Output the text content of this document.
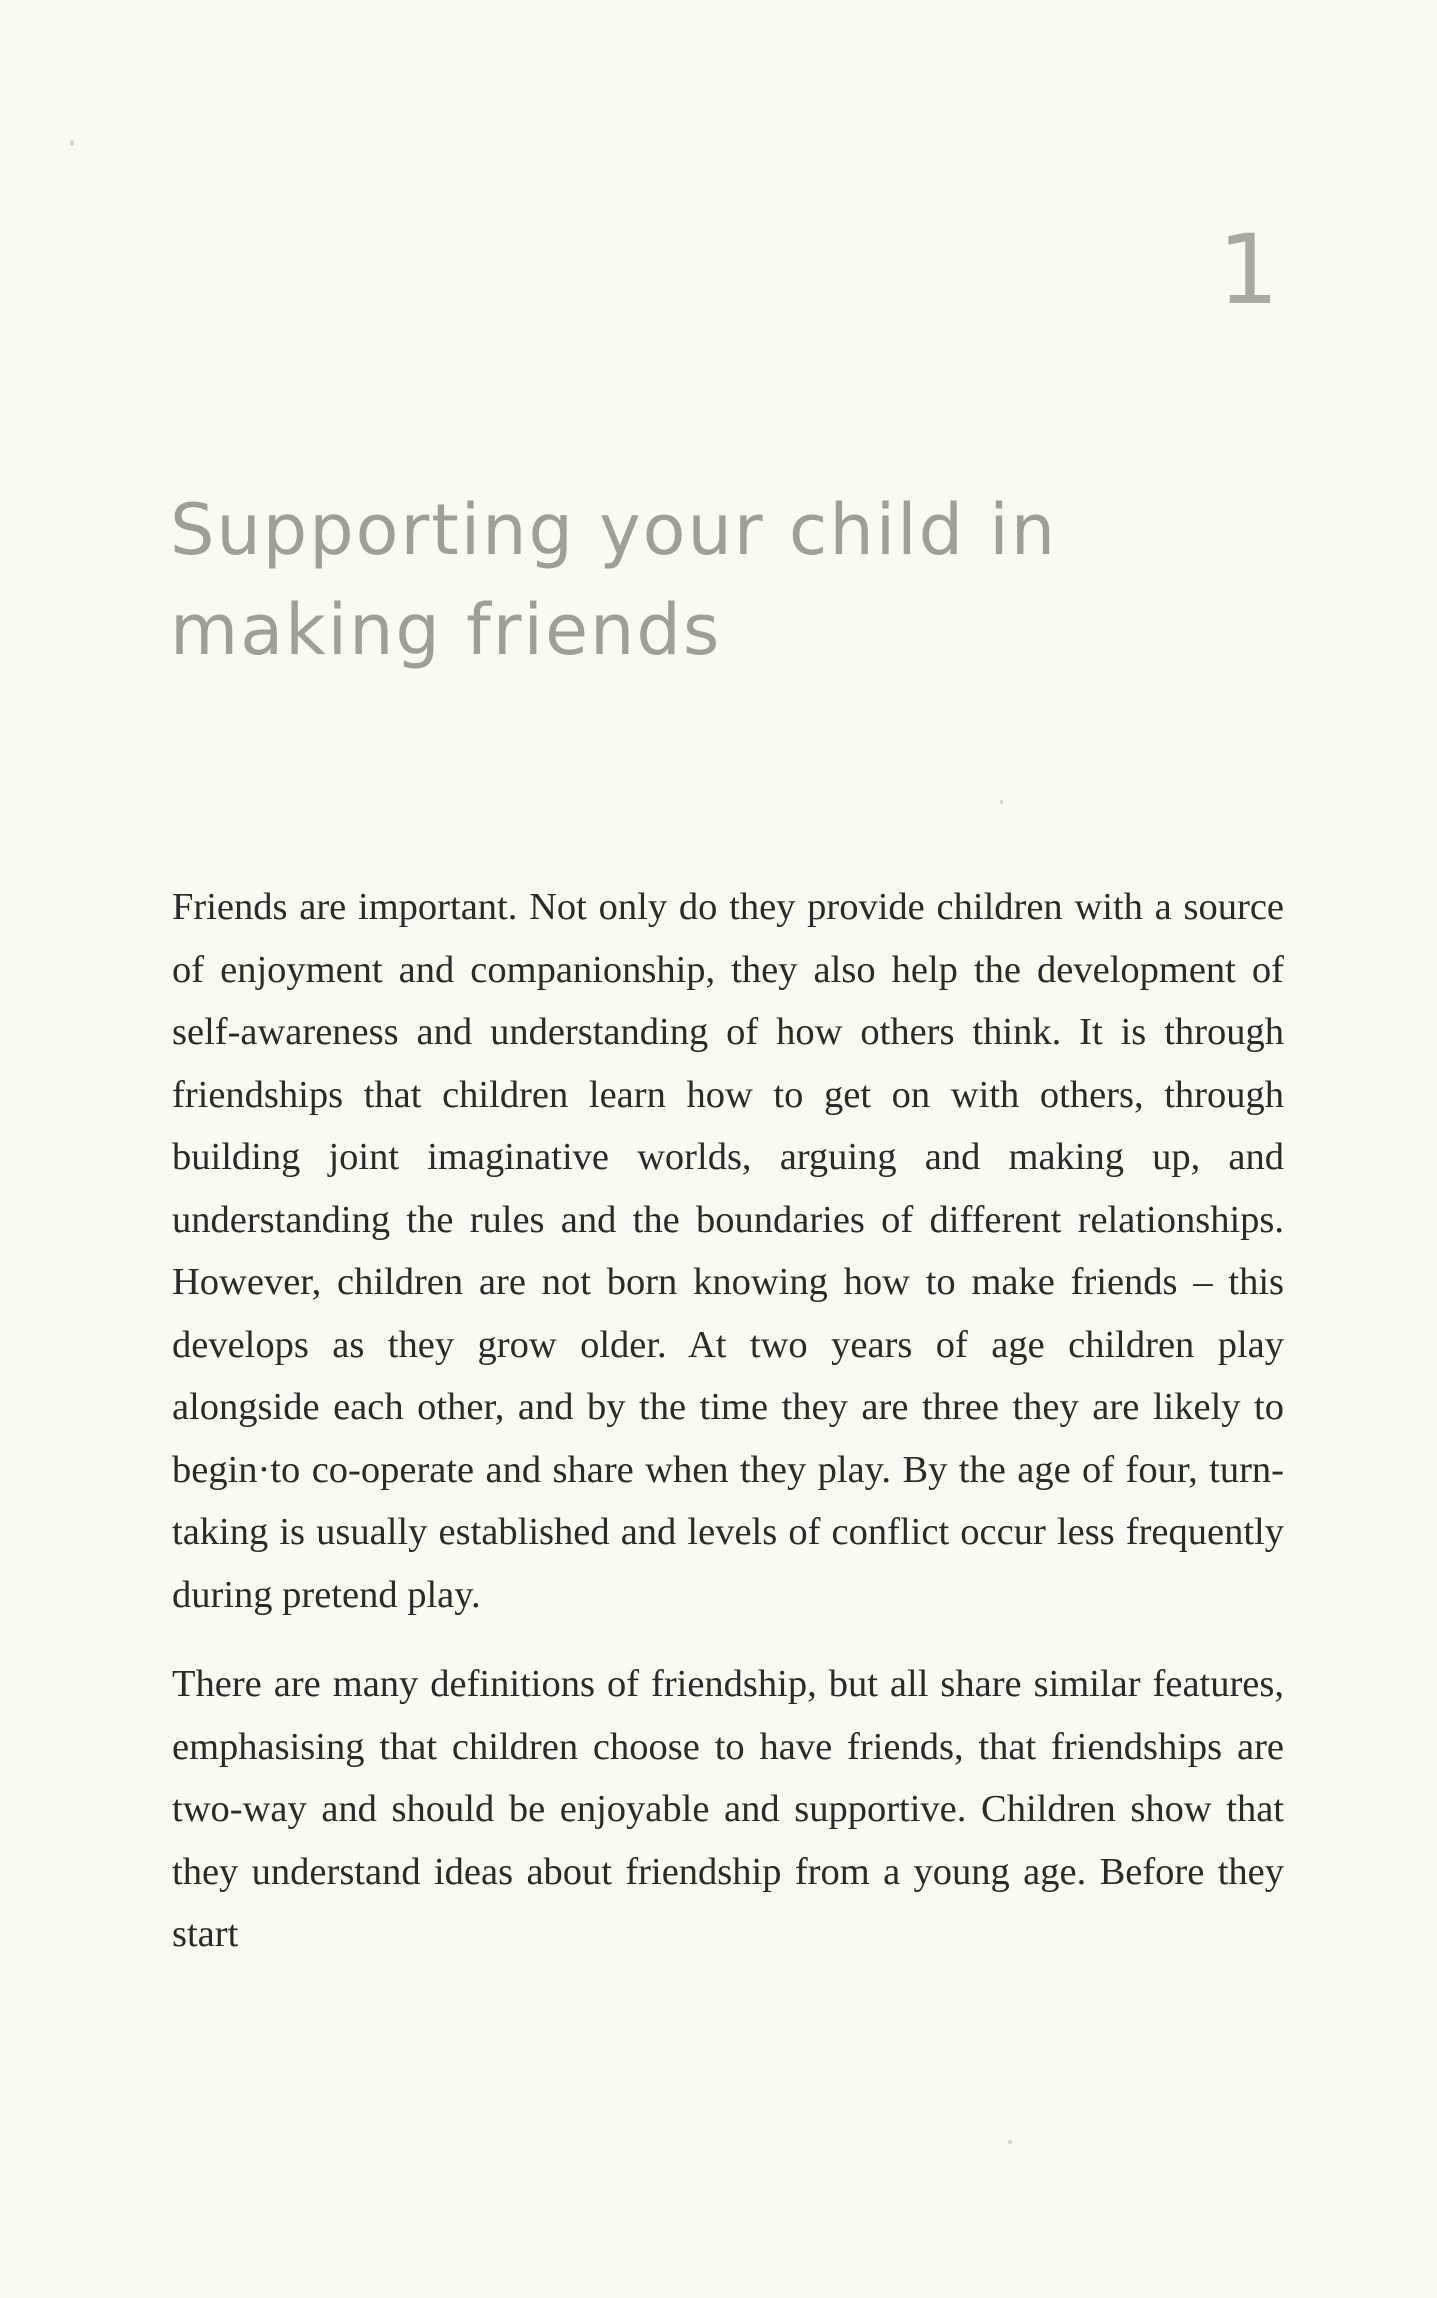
1
Supporting your child in making friends

Friends are important. Not only do they provide children with a source of enjoyment and companionship, they also help the development of self-awareness and understanding of how others think. It is through friendships that children learn how to get on with others, through building joint imaginative worlds, arguing and making up, and understanding the rules and the boundaries of different relationships. However, children are not born knowing how to make friends – this develops as they grow older. At two years of age children play alongside each other, and by the time they are three they are likely to begin·to co-operate and share when they play. By the age of four, turn-taking is usually established and levels of conflict occur less frequently during pretend play.

There are many definitions of friendship, but all share similar features, emphasising that children choose to have friends, that friendships are two-way and should be enjoyable and supportive. Children show that they understand ideas about friendship from a young age. Before they start
